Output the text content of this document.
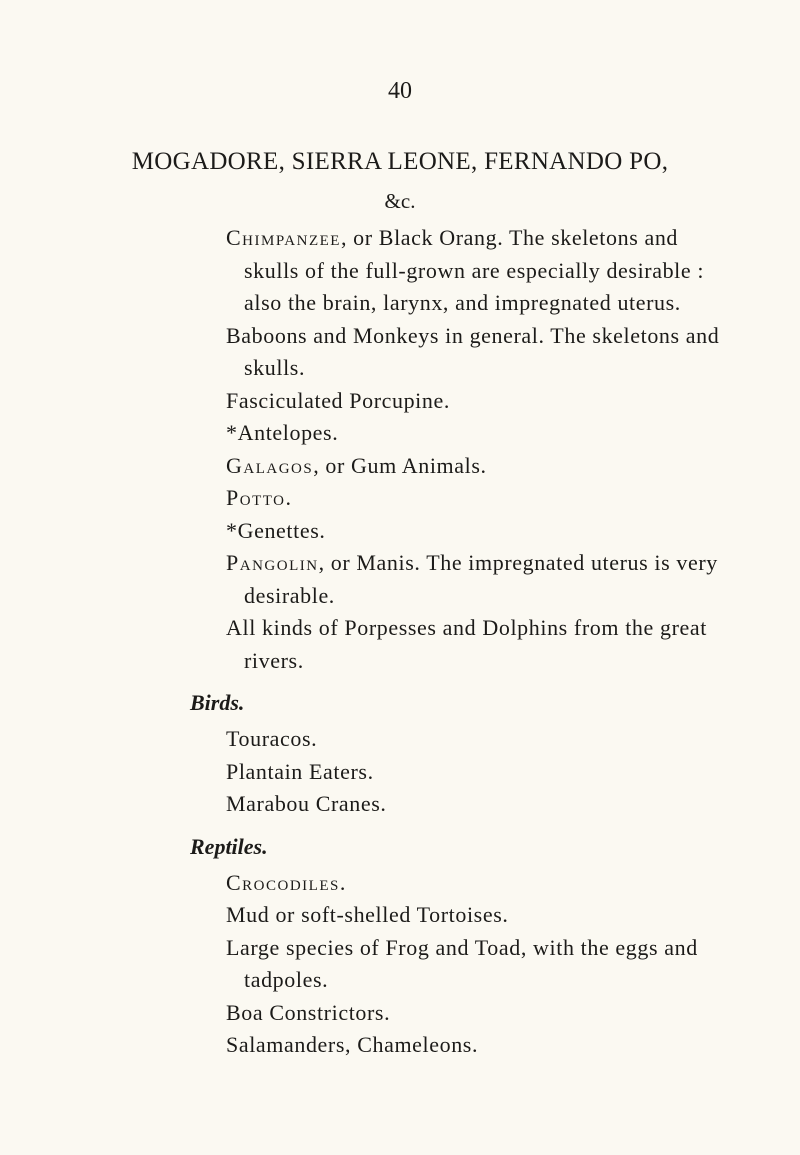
40
MOGADORE, SIERRA LEONE, FERNANDO PO,
&c.
Chimpanzee, or Black Orang. The skeletons and skulls of the full-grown are especially desirable : also the brain, larynx, and impregnated uterus.
Baboons and Monkeys in general. The skeletons and skulls.
Fasciculated Porcupine.
*Antelopes.
Galagos, or Gum Animals.
Potto.
*Genettes.
Pangolin, or Manis. The impregnated uterus is very desirable.
All kinds of Porpesses and Dolphins from the great rivers.
Birds.
Touracos.
Plantain Eaters.
Marabou Cranes.
Reptiles.
Crocodiles.
Mud or soft-shelled Tortoises.
Large species of Frog and Toad, with the eggs and tadpoles.
Boa Constrictors.
Salamanders, Chameleons.
